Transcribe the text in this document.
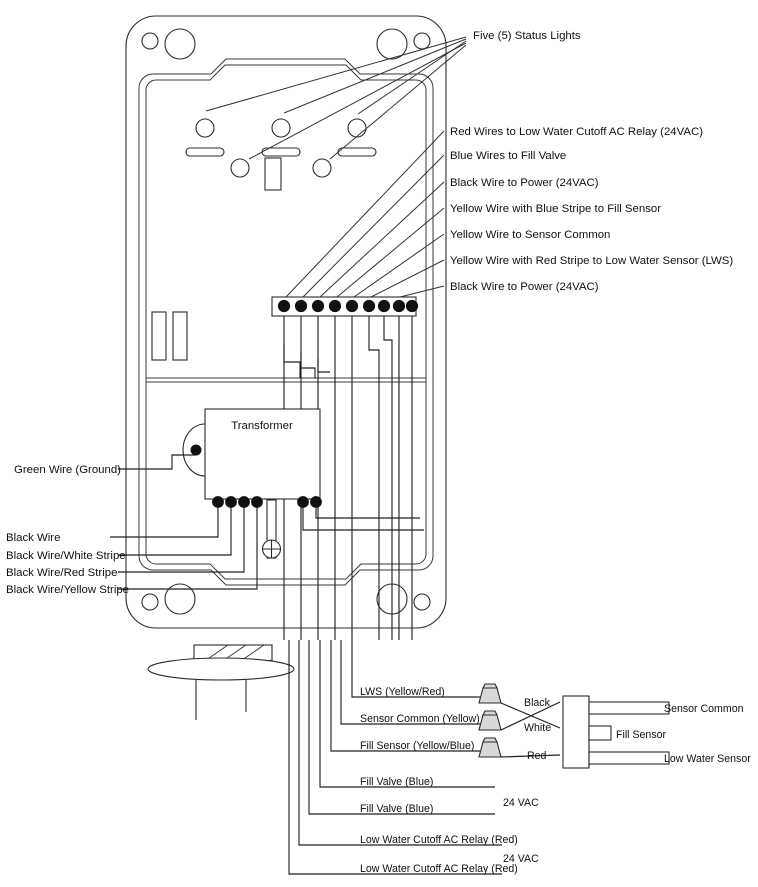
Five (5) Status Lights
Red Wires to Low Water Cutoff AC Relay (24VAC)
Blue Wires to Fill Valve
Black Wire to Power (24VAC)
Yellow Wire with Blue Stripe to Fill Sensor
Yellow Wire to Sensor Common
Yellow Wire with Red Stripe to Low Water Sensor (LWS)
Black Wire to Power (24VAC)
Transformer
Green Wire (Ground)
Black Wire
Black Wire/White Stripe
Black Wire/Red Stripe
Black Wire/Yellow Stripe
LWS (Yellow/Red)
Sensor Common (Yellow)
Fill Sensor (Yellow/Blue)
Fill Valve (Blue)
Fill Valve (Blue)
Low Water Cutoff AC Relay (Red)
Low Water Cutoff AC Relay (Red)
24 VAC
24 VAC
Black
White
Red
Sensor Common
Fill Sensor
Low Water Sensor
